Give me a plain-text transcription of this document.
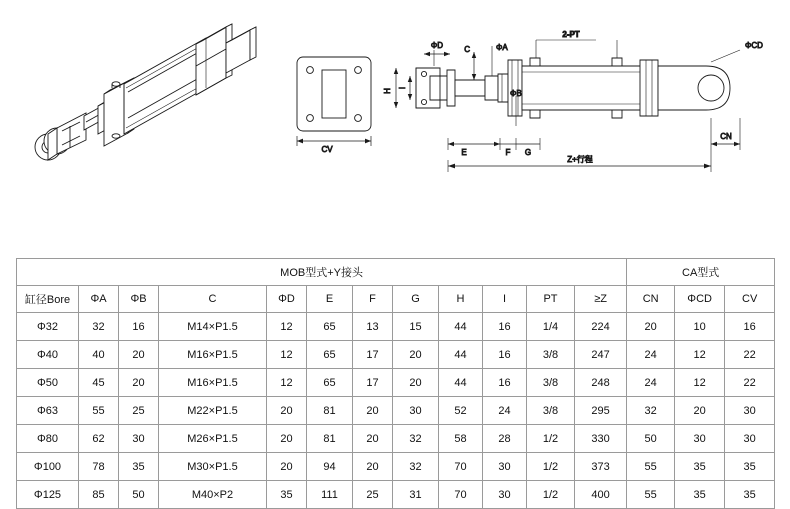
CV
ΦD	ΦA
ΦB
2-PT
ΦCD
C
H
I
E	F G
Z+行程
CN
MOB型式+Y接头												CA型式		
缸径Bore	ΦA	ΦB	C	ΦD	E	F	G	H	I	PT	≥Z	CN	ΦCD	CV
Φ32	32	16	M14×P1.5	12	65	13	15	44	16	1/4	224	20	10	16
Φ40	40	20	M16×P1.5	12	65	17	20	44	16	3/8	247	24	12	22
Φ50	45	20	M16×P1.5	12	65	17	20	44	16	3/8	248	24	12	22
Φ63	55	25	M22×P1.5	20	81	20	30	52	24	3/8	295	32	20	30
Φ80	62	30	M26×P1.5	20	81	20	32	58	28	1/2	330	50	30	30
Φ100	78	35	M30×P1.5	20	94	20	32	70	30	1/2	373	55	35	35
Φ125	85	50	M40×P2	35	111	25	31	70	30	1/2	400	55	35	35
